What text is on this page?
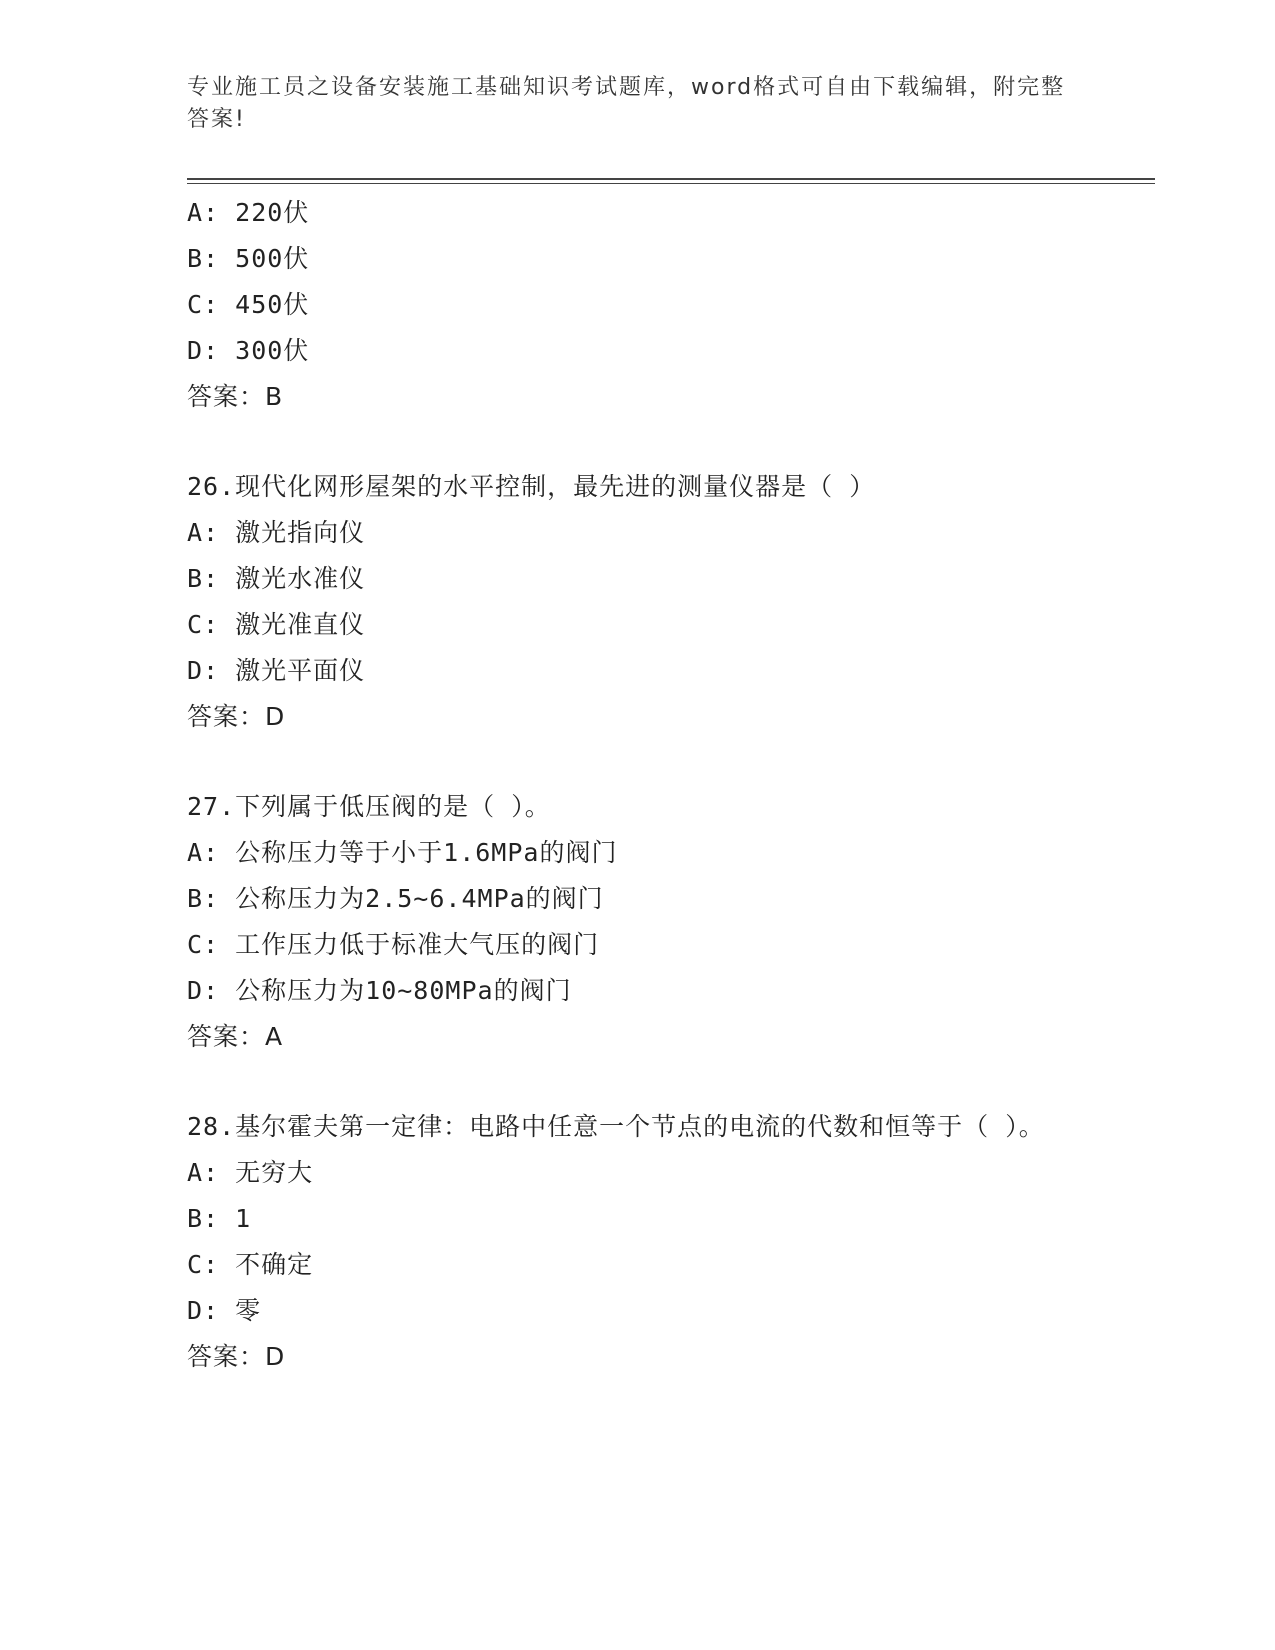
专业施工员之设备安装施工基础知识考试题库，word格式可自由下载编辑，附完整答案!
A: 220伏
B: 500伏
C: 450伏
D: 300伏
答案：B
26.现代化网形屋架的水平控制，最先进的测量仪器是（ ）
A: 激光指向仪
B: 激光水准仪
C: 激光准直仪
D: 激光平面仪
答案：D
27.下列属于低压阀的是（ ）。
A: 公称压力等于小于1.6MPa的阀门
B: 公称压力为2.5~6.4MPa的阀门
C: 工作压力低于标准大气压的阀门
D: 公称压力为10~80MPa的阀门
答案：A
28.基尔霍夫第一定律：电路中任意一个节点的电流的代数和恒等于（ ）。
A: 无穷大
B: 1
C: 不确定
D: 零
答案：D
